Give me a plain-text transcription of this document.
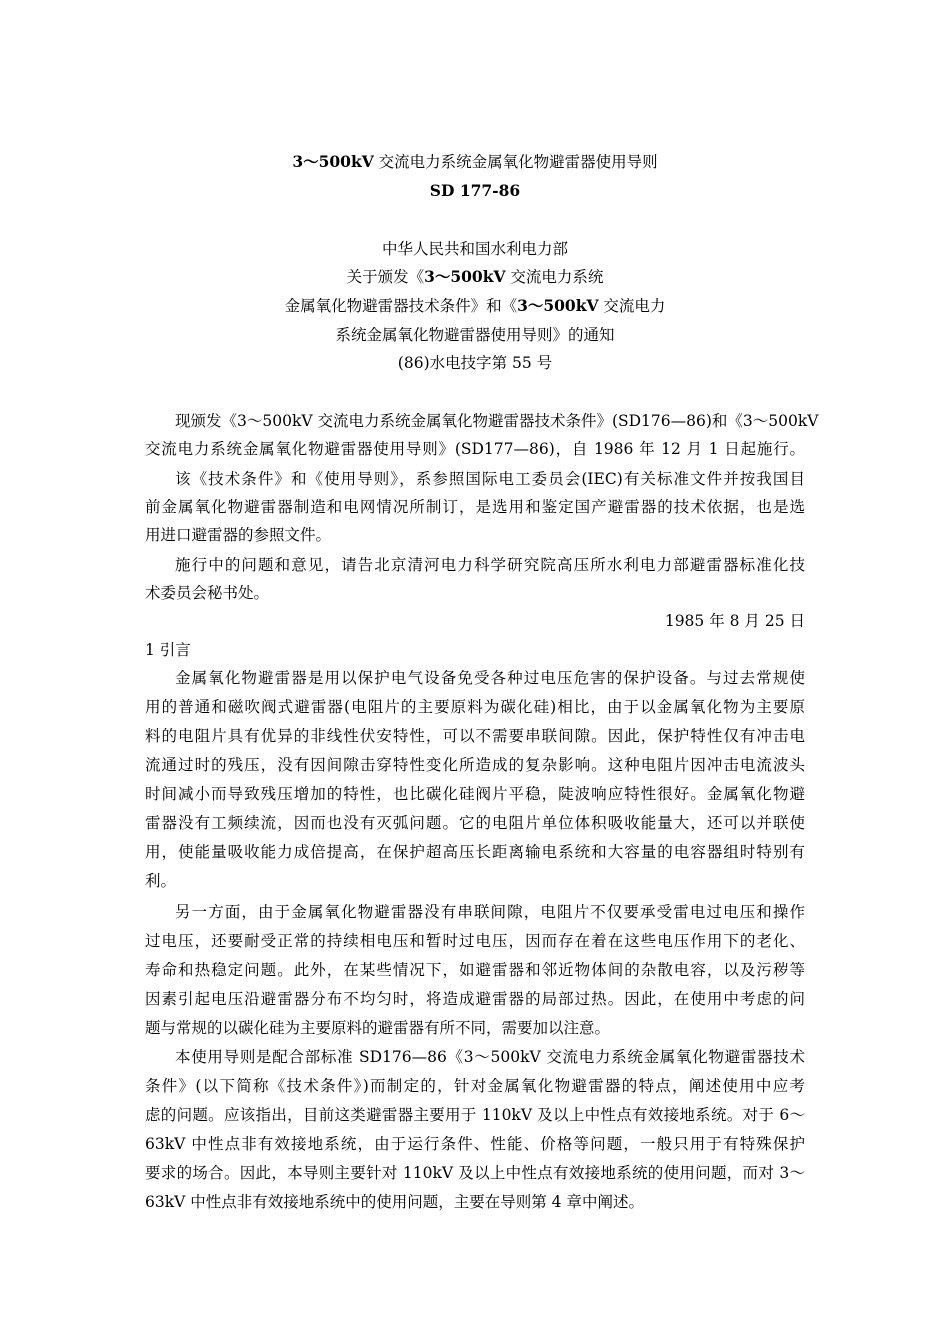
3～500kV 交流电力系统金属氧化物避雷器使用导则
SD 177-86
中华人民共和国水利电力部
关于颁发《3～500kV 交流电力系统
金属氧化物避雷器技术条件》和《3～500kV 交流电力
系统金属氧化物避雷器使用导则》的通知
(86)水电技字第 55 号
现颁发《3～500kV 交流电力系统金属氧化物避雷器技术条件》(SD176—86)和《3～500kV
交流电力系统金属氧化物避雷器使用导则》(SD177—86)，自 1986 年 12 月 1 日起施行。
该《技术条件》和《使用导则》，系参照国际电工委员会(IEC)有关标准文件并按我国目
前金属氧化物避雷器制造和电网情况所制订，是选用和鉴定国产避雷器的技术依据，也是选
用进口避雷器的参照文件。
施行中的问题和意见，请告北京清河电力科学研究院高压所水利电力部避雷器标准化技
术委员会秘书处。
1985 年 8 月 25 日
1 引言
金属氧化物避雷器是用以保护电气设备免受各种过电压危害的保护设备。与过去常规使
用的普通和磁吹阀式避雷器(电阻片的主要原料为碳化硅)相比，由于以金属氧化物为主要原
料的电阻片具有优异的非线性伏安特性，可以不需要串联间隙。因此，保护特性仅有冲击电
流通过时的残压，没有因间隙击穿特性变化所造成的复杂影响。这种电阻片因冲击电流波头
时间减小而导致残压增加的特性，也比碳化硅阀片平稳，陡波响应特性很好。金属氧化物避
雷器没有工频续流，因而也没有灭弧问题。它的电阻片单位体积吸收能量大，还可以并联使
用，使能量吸收能力成倍提高，在保护超高压长距离输电系统和大容量的电容器组时特别有
利。
另一方面，由于金属氧化物避雷器没有串联间隙，电阻片不仅要承受雷电过电压和操作
过电压，还要耐受正常的持续相电压和暂时过电压，因而存在着在这些电压作用下的老化、
寿命和热稳定问题。此外，在某些情况下，如避雷器和邻近物体间的杂散电容，以及污秽等
因素引起电压沿避雷器分布不均匀时，将造成避雷器的局部过热。因此，在使用中考虑的问
题与常规的以碳化硅为主要原料的避雷器有所不同，需要加以注意。
本使用导则是配合部标准 SD176—86《3～500kV 交流电力系统金属氧化物避雷器技术
条件》(以下简称《技术条件》)而制定的，针对金属氧化物避雷器的特点，阐述使用中应考
虑的问题。应该指出，目前这类避雷器主要用于 110kV 及以上中性点有效接地系统。对于 6～
63kV 中性点非有效接地系统，由于运行条件、性能、价格等问题，一般只用于有特殊保护
要求的场合。因此，本导则主要针对 110kV 及以上中性点有效接地系统的使用问题，而对 3～
63kV 中性点非有效接地系统中的使用问题，主要在导则第 4 章中阐述。
